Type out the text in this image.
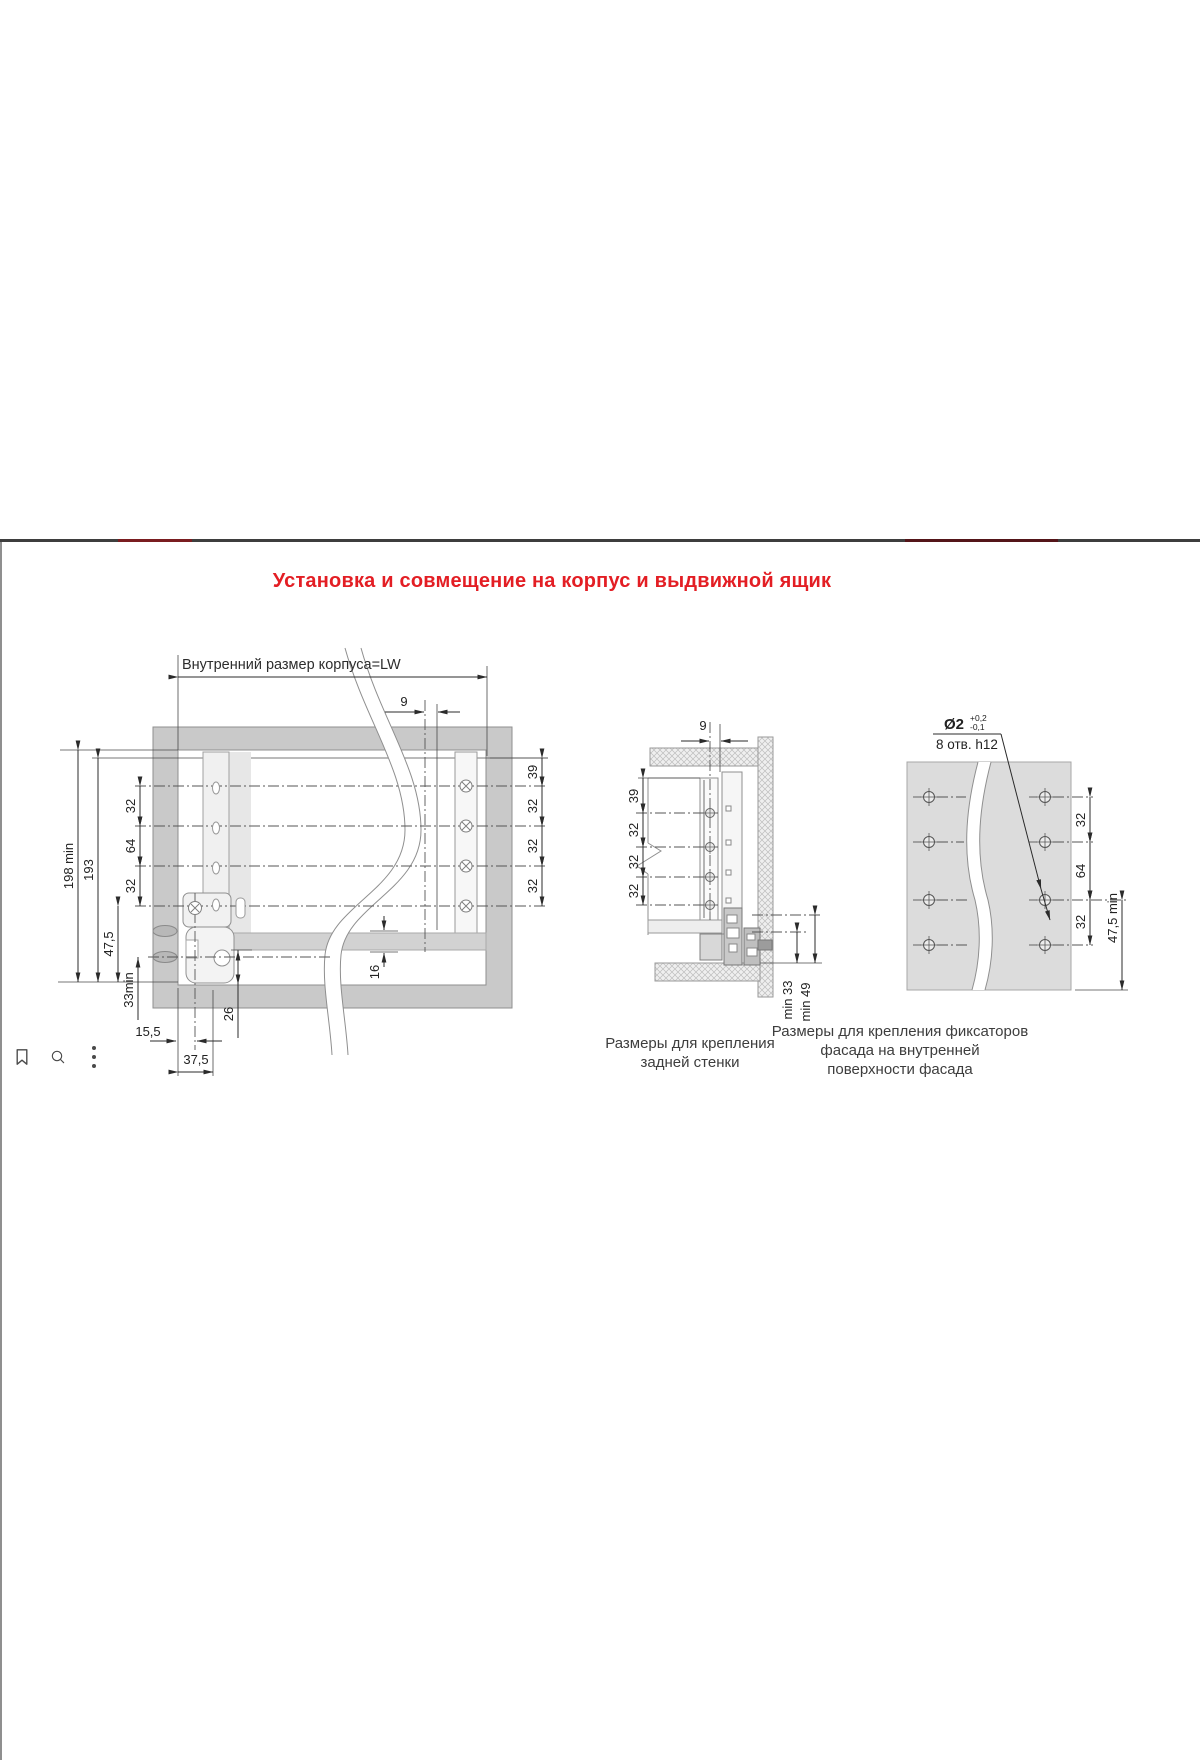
Установка и совмещение на корпус и выдвижной ящик
Внутренний размер корпуса=LW
9
198 min 193
32
64
32
47,5
33min
15,5
37,5
26
16
39
32
32
32
9
39
32
32
32
min 33 min 49
32
64
32 47,5 min
Ø2 +0,2
-0,1
8 отв. h12
Размеры для крепления
задней стенки
Размеры для крепления фиксаторов
фасада на внутренней
поверхности фасада
